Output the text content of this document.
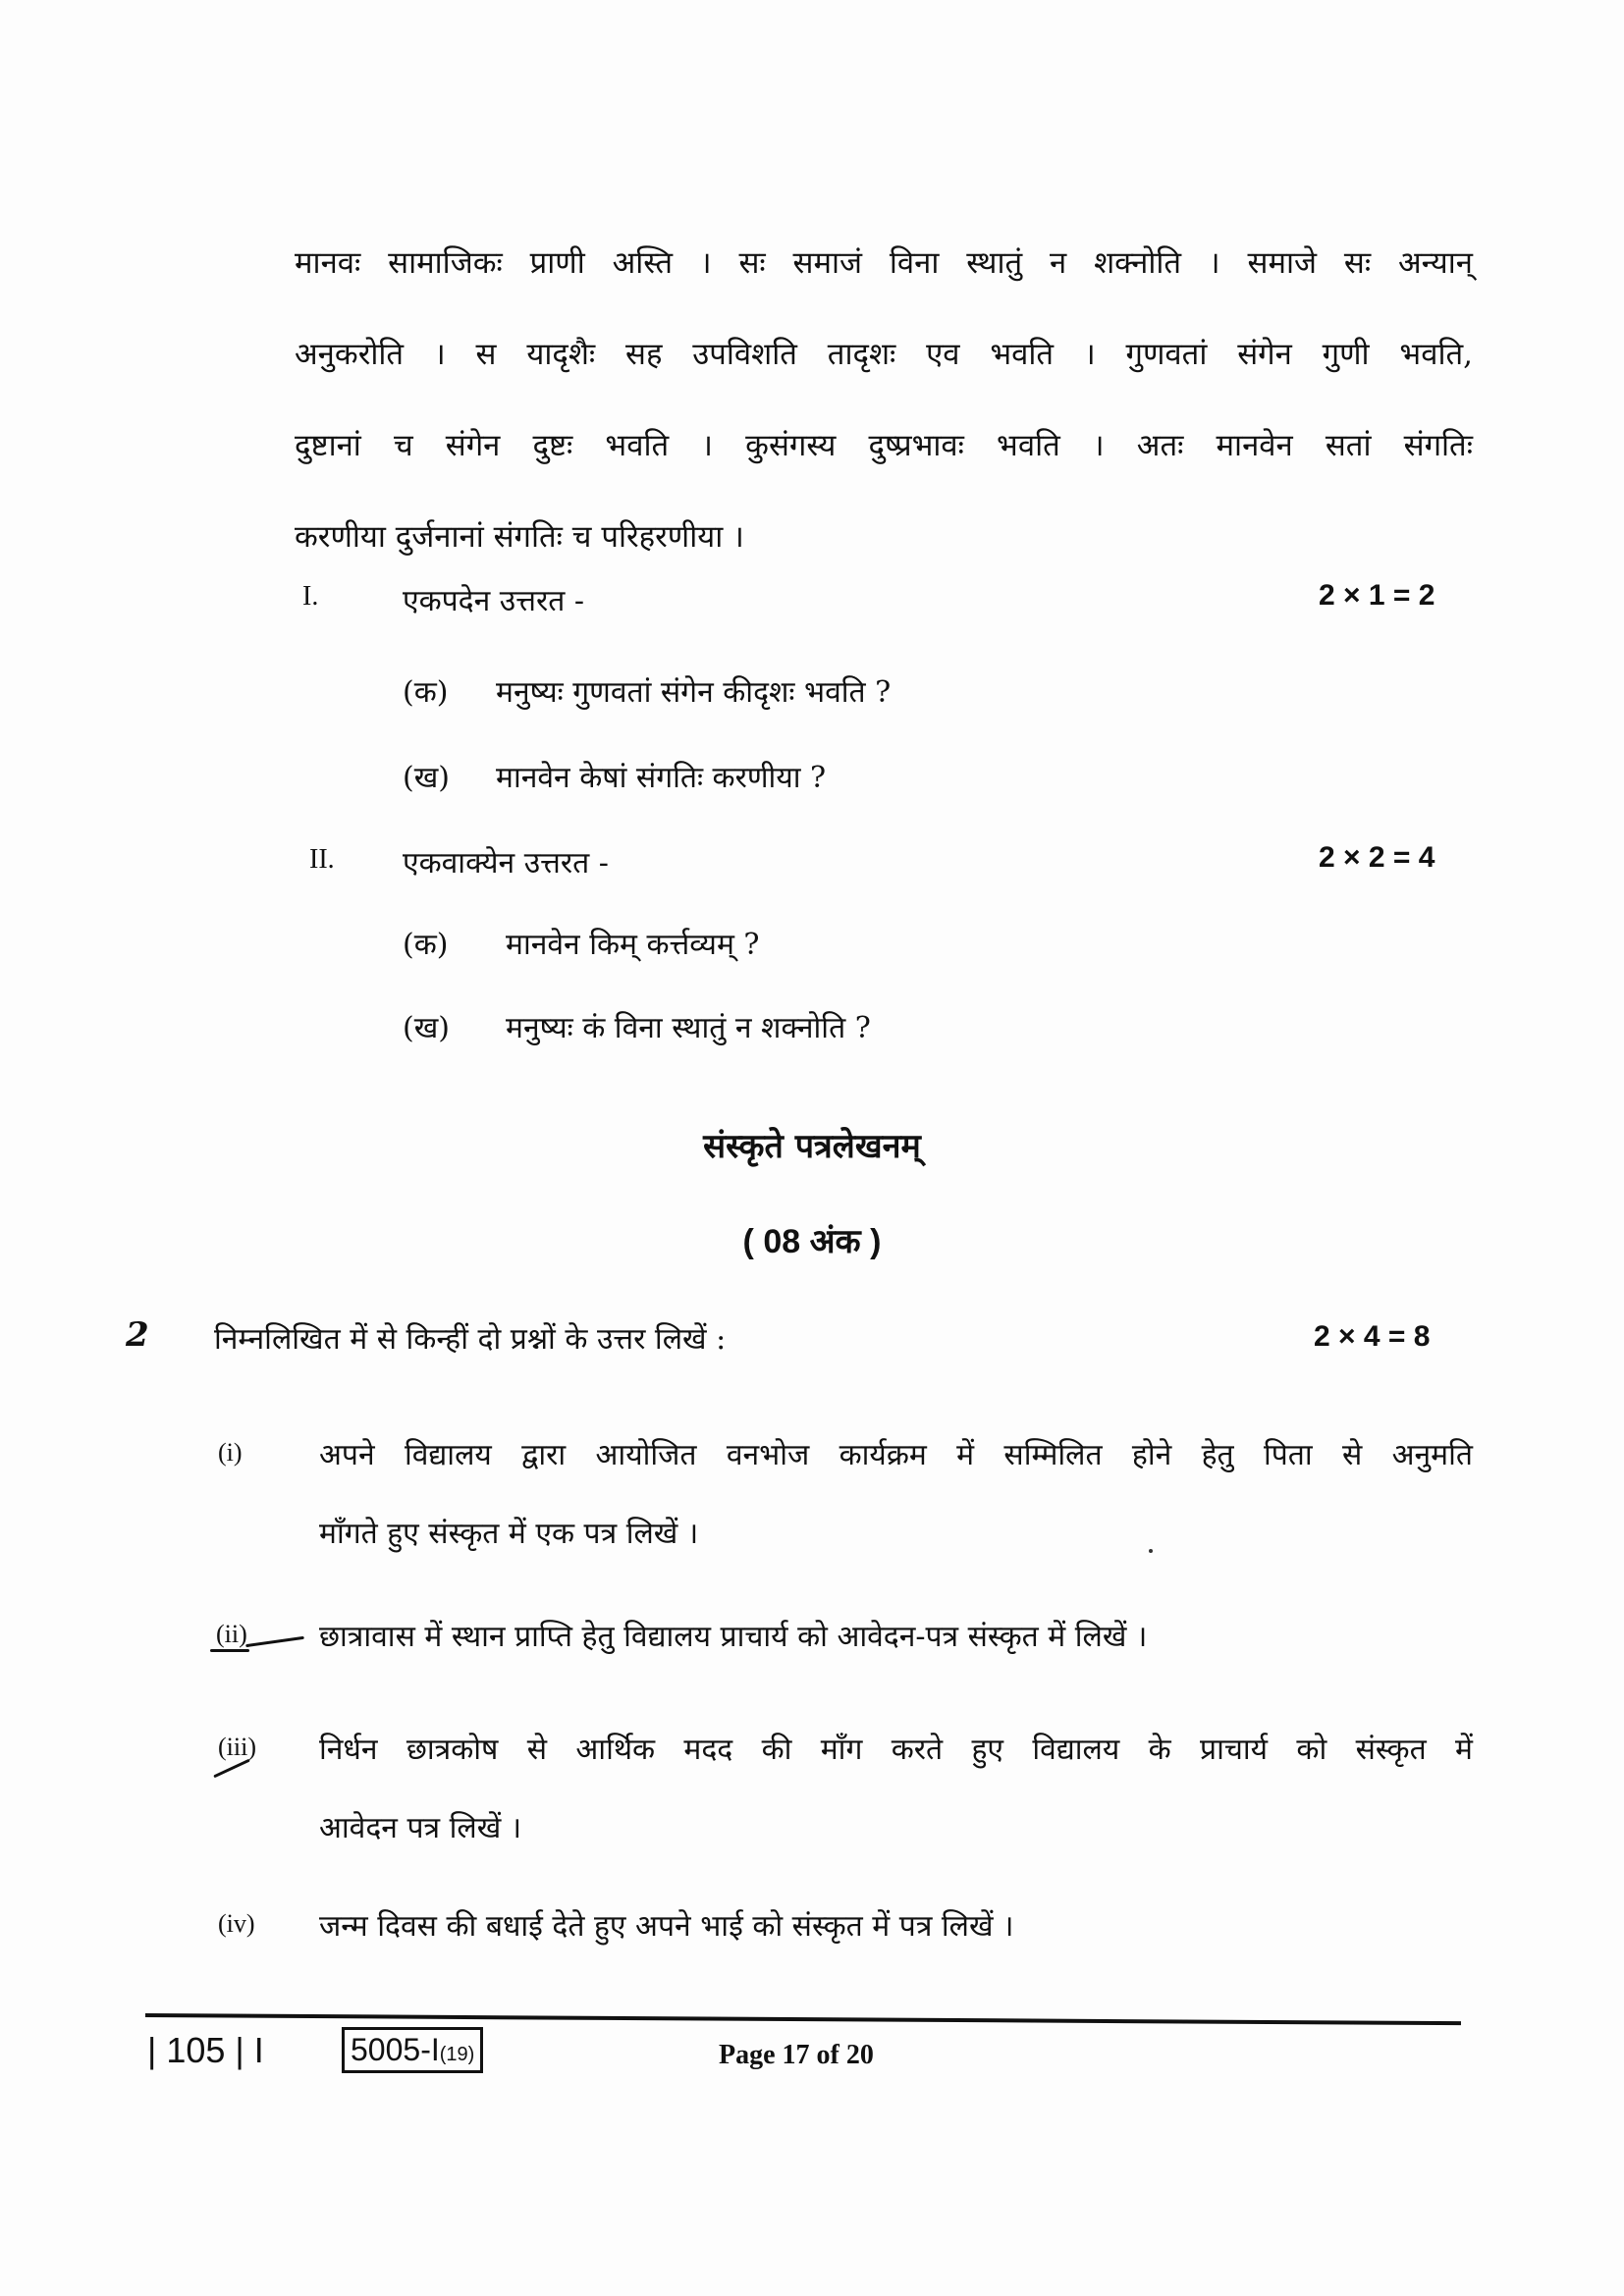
मानवः सामाजिकः प्राणी अस्ति । सः समाजं विना स्थातुं न शक्नोति । समाजे सः अन्यान्
अनुकरोति । स यादृशैः सह उपविशति तादृशः एव भवति । गुणवतां संगेन गुणी भवति,
दुष्टानां च संगेन दुष्टः भवति । कुसंगस्य दुष्प्रभावः भवति । अतः मानवेन सतां संगतिः
करणीया दुर्जनानां संगतिः च परिहरणीया ।
I.	एकपदेन उत्तरत -	2 × 1 = 2
(क) मनुष्यः गुणवतां संगेन कीदृशः भवति ?
(ख) मानवेन केषां संगतिः करणीया ?
II. एकवाक्येन उत्तरत -	2 × 2 = 4
(क) मानवेन किम् कर्त्तव्यम् ?
(ख) मनुष्यः कं विना स्थातुं न शक्नोति ?
संस्कृते पत्रलेखनम्
( 08 अंक )
2 निम्नलिखित में से किन्हीं दो प्रश्नों के उत्तर लिखें :	2 × 4 = 8
(i)	अपने विद्यालय द्वारा आयोजित वनभोज कार्यक्रम में सम्मिलित होने हेतु पिता से अनुमति
माँगते हुए संस्कृत में एक पत्र लिखें ।
(ii) छात्रावास में स्थान प्राप्ति हेतु विद्यालय प्राचार्य को आवेदन-पत्र संस्कृत में लिखें ।
(iii) निर्धन छात्रकोष से आर्थिक मदद की माँग करते हुए विद्यालय के प्राचार्य को संस्कृत में
आवेदन पत्र लिखें ।
(iv) जन्म दिवस की बधाई देते हुए अपने भाई को संस्कृत में पत्र लिखें ।
| 105 | I	5005-I(19)	Page 17 of 20
